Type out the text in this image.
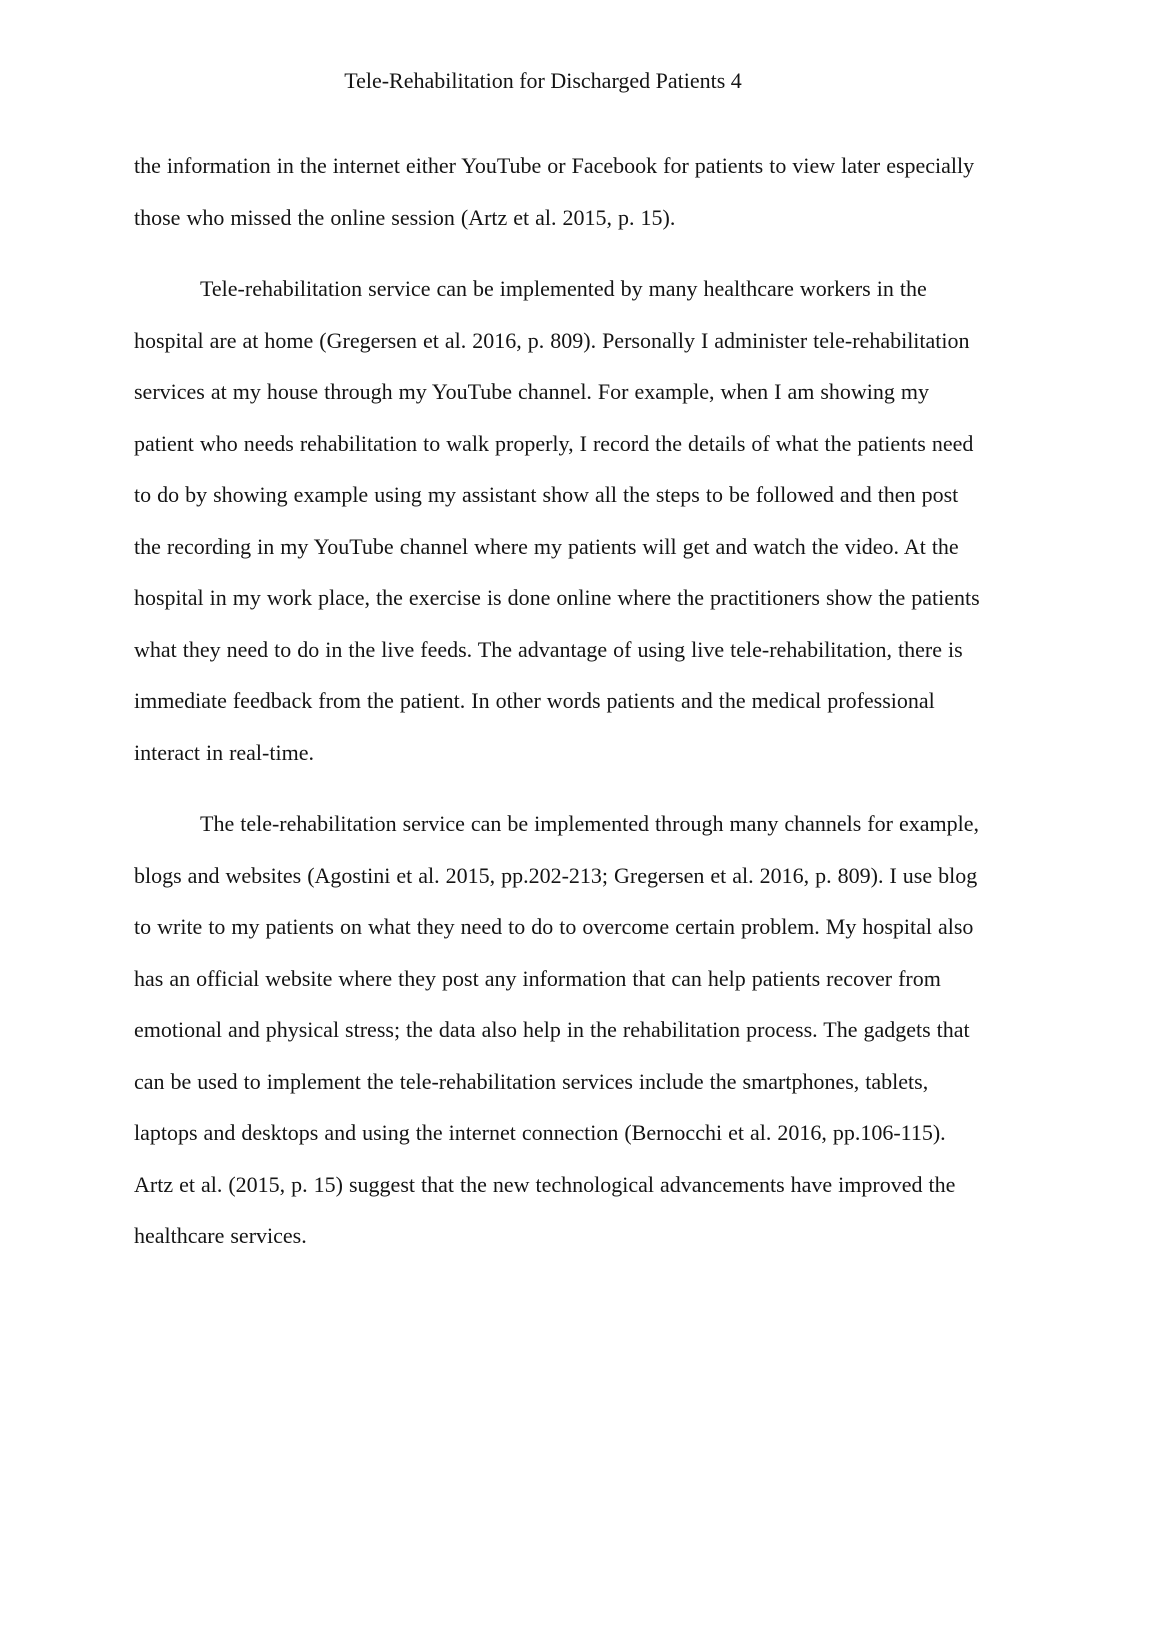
Tele-Rehabilitation for Discharged Patients 4

the information in the internet either YouTube or Facebook for patients to view later especially those who missed the online session (Artz et al. 2015, p. 15).

Tele-rehabilitation service can be implemented by many healthcare workers in the hospital are at home (Gregersen et al. 2016, p. 809). Personally I administer tele-rehabilitation services at my house through my YouTube channel. For example, when I am showing my patient who needs rehabilitation to walk properly, I record the details of what the patients need to do by showing example using my assistant show all the steps to be followed and then post the recording in my YouTube channel where my patients will get and watch the video. At the hospital in my work place, the exercise is done online where the practitioners show the patients what they need to do in the live feeds. The advantage of using live tele-rehabilitation, there is immediate feedback from the patient. In other words patients and the medical professional interact in real-time.

The tele-rehabilitation service can be implemented through many channels for example, blogs and websites (Agostini et al. 2015, pp.202-213; Gregersen et al. 2016, p. 809). I use blog to write to my patients on what they need to do to overcome certain problem. My hospital also has an official website where they post any information that can help patients recover from emotional and physical stress; the data also help in the rehabilitation process. The gadgets that can be used to implement the tele-rehabilitation services include the smartphones, tablets, laptops and desktops and using the internet connection (Bernocchi et al. 2016, pp.106-115). Artz et al. (2015, p. 15) suggest that the new technological advancements have improved the healthcare services.
